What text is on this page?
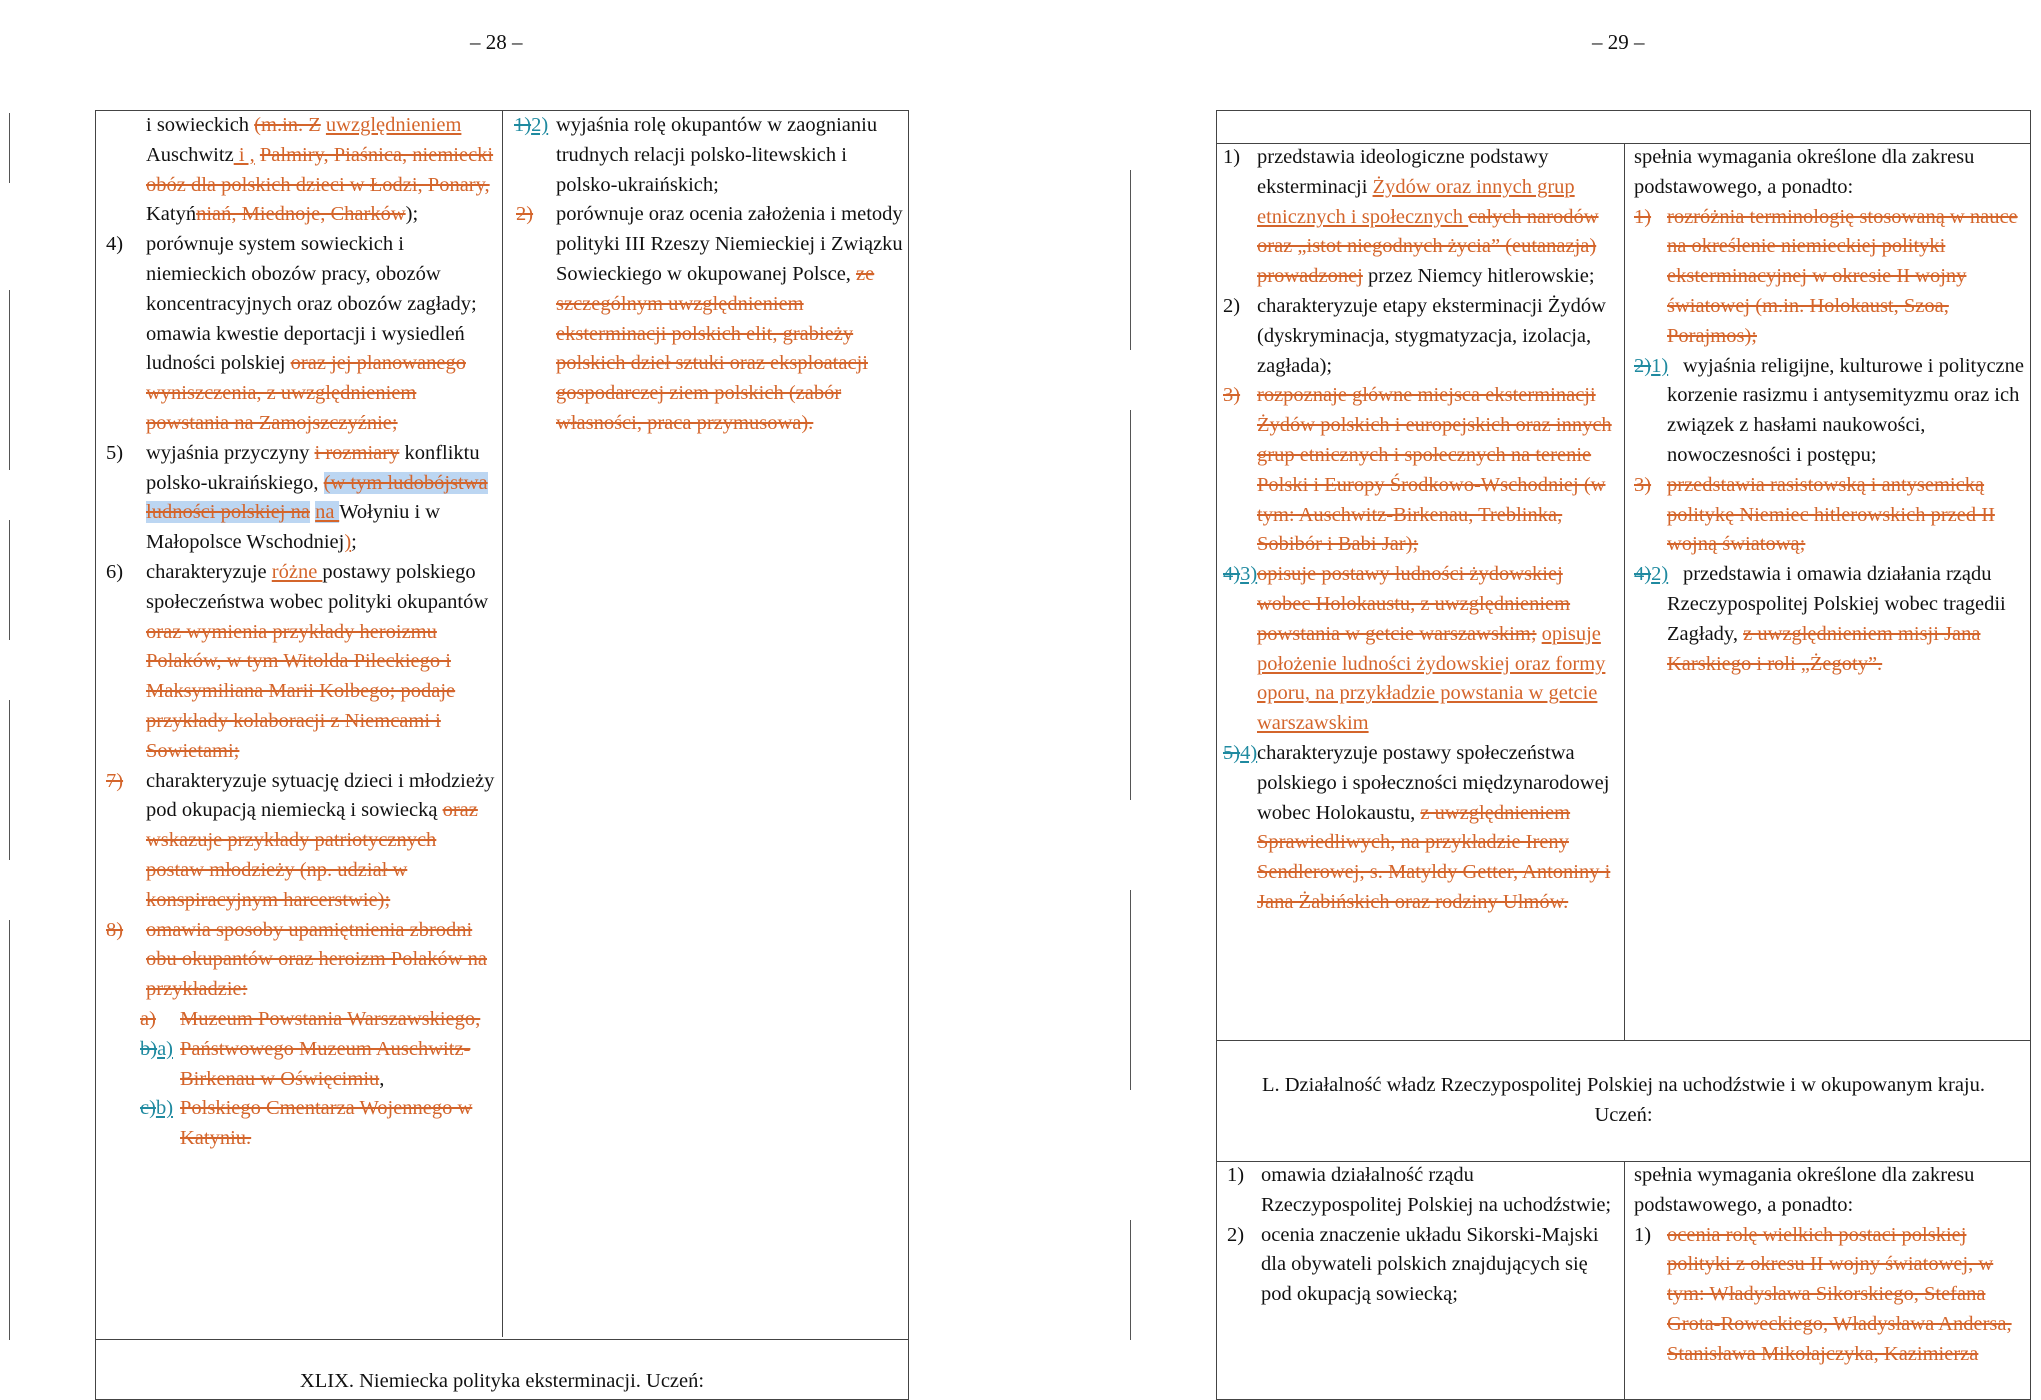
– 28 –	– 29 –
i sowieckich (m.in. Z uwzględnieniem Auschwitz i , Palmiry, Piaśnica, niemiecki obóz dla polskich dzieci w Łodzi, Ponary, Katyńniań, Miednoje, Charków);
4) porównuje system sowieckich i niemieckich obozów pracy, obozów koncentracyjnych oraz obozów zagłady; omawia kwestie deportacji i wysiedleń ludności polskiej oraz jej planowanego wyniszczenia, z uwzględnieniem powstania na Zamojszczyźnie;
5) wyjaśnia przyczyny i rozmiary konfliktu polsko-ukraińskiego, (w tym ludobójstwa ludności polskiej na na Wołyniu i w Małopolsce Wschodniej);
6) charakteryzuje różne postawy polskiego społeczeństwa wobec polityki okupantów oraz wymienia przykłady heroizmu Polaków, w tym Witolda Pileckiego i Maksymiliana Marii Kolbego; podaje przykłady kolaboracji z Niemcami i Sowietami;
7) charakteryzuje sytuację dzieci i młodzieży pod okupacją niemiecką i sowiecką oraz wskazuje przykłady patriotycznych postaw młodzieży (np. udział w konspiracyjnym harcerstwie);
8) omawia sposoby upamiętnienia zbrodni obu okupantów oraz heroizm Polaków na przykładzie:
a) Muzeum Powstania Warszawskiego,
b)a) Państwowego Muzeum Auschwitz-Birkenau w Oświęcimiu,
c)b) Polskiego Cmentarza Wojennego w Katyniu.
1)2) wyjaśnia rolę okupantów w zaognianiu trudnych relacji polsko-litewskich i polsko-ukraińskich;
2) porównuje oraz ocenia założenia i metody polityki III Rzeszy Niemieckiej i Związku Sowieckiego w okupowanej Polsce, ze szczególnym uwzględnieniem eksterminacji polskich elit, grabieży polskich dzieł sztuki oraz eksploatacji gospodarczej ziem polskich (zabór własności, praca przymusowa).
XLIX. Niemiecka polityka eksterminacji. Uczeń:
1) przedstawia ideologiczne podstawy eksterminacji Żydów oraz innych grup etnicznych i społecznych całych narodów oraz „istot niegodnych życia” (eutanazja) prowadzonej przez Niemcy hitlerowskie;
2) charakteryzuje etapy eksterminacji Żydów (dyskryminacja, stygmatyzacja, izolacja, zagłada);
3) rozpoznaje główne miejsca eksterminacji Żydów polskich i europejskich oraz innych grup etnicznych i społecznych na terenie Polski i Europy Środkowo-Wschodniej (w tym: Auschwitz-Birkenau, Treblinka, Sobibór i Babi Jar);
4)3) opisuje postawy ludności żydowskiej wobec Holokaustu, z uwzględnieniem powstania w getcie warszawskim; opisuje położenie ludności żydowskiej oraz formy oporu, na przykładzie powstania w getcie warszawskim
5)4) charakteryzuje postawy społeczeństwa polskiego i społeczności międzynarodowej wobec Holokaustu, z uwzględnieniem Sprawiedliwych, na przykładzie Ireny Sendlerowej, s. Matyldy Getter, Antoniny i Jana Żabińskich oraz rodziny Ulmów.
spełnia wymagania określone dla zakresu podstawowego, a ponadto:
1) rozróżnia terminologię stosowaną w nauce na określenie niemieckiej polityki eksterminacyjnej w okresie II wojny światowej (m.in. Holokaust, Szoa, Porajmos);
2)1) wyjaśnia religijne, kulturowe i polityczne korzenie rasizmu i antysemityzmu oraz ich związek z hasłami naukowości, nowoczesności i postępu;
3) przedstawia rasistowską i antysemicką politykę Niemiec hitlerowskich przed II wojną światową;
4)2) przedstawia i omawia działania rządu Rzeczypospolitej Polskiej wobec tragedii Zagłady, z uwzględnieniem misji Jana Karskiego i roli „Żegoty”.
L. Działalność władz Rzeczypospolitej Polskiej na uchodźstwie i w okupowanym kraju. Uczeń:
1) omawia działalność rządu Rzeczypospolitej Polskiej na uchodźstwie;
2) ocenia znaczenie układu Sikorski-Majski dla obywateli polskich znajdujących się pod okupacją sowiecką;
spełnia wymagania określone dla zakresu podstawowego, a ponadto:
1) ocenia rolę wielkich postaci polskiej polityki z okresu II wojny światowej, w tym: Władysława Sikorskiego, Stefana Grota-Roweckiego, Władysława Andersa, Stanisława Mikołajczyka, Kazimierza
